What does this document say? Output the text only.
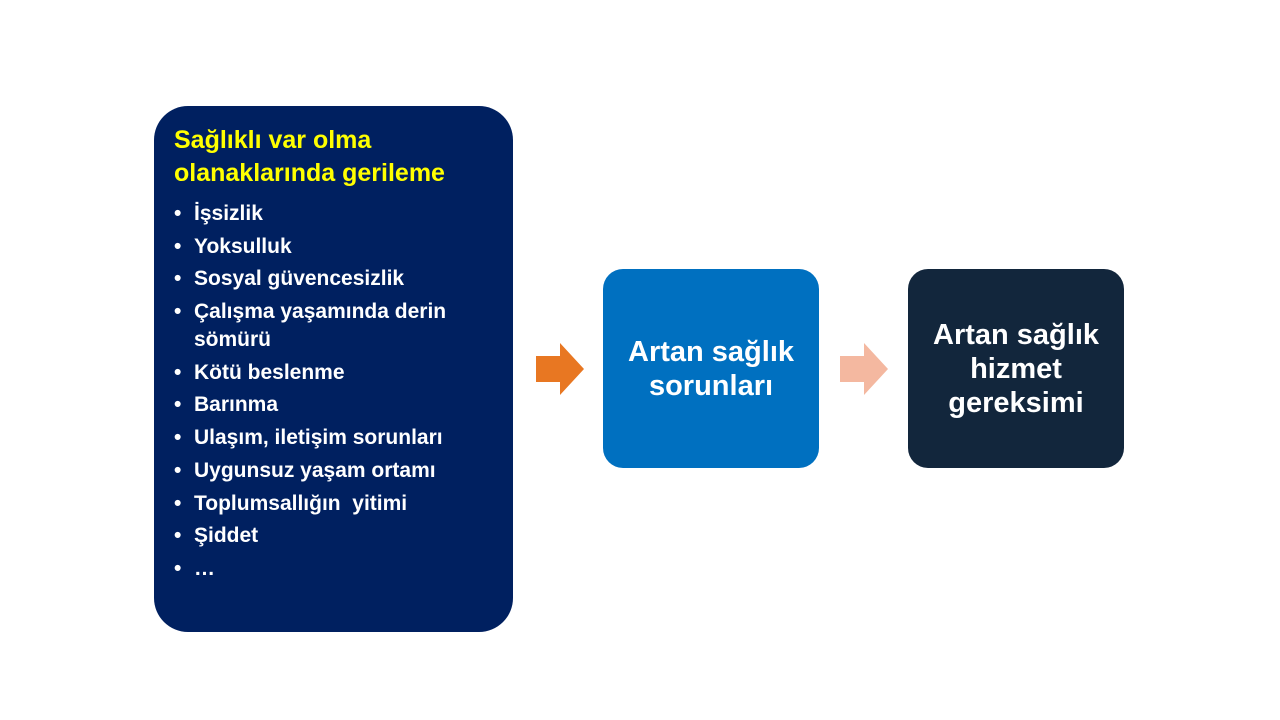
Sağlıklı var olma olanaklarında gerileme

• İşsizlik
• Yoksulluk
• Sosyal güvencesizlik
• Çalışma yaşamında derin sömürü
• Kötü beslenme
• Barınma
• Ulaşım, iletişim sorunları
• Uygunsuz yaşam ortamı
• Toplumsallığın  yitimi
• Şiddet
• …
Artan sağlık sorunları
Artan sağlık hizmet gereksimi
